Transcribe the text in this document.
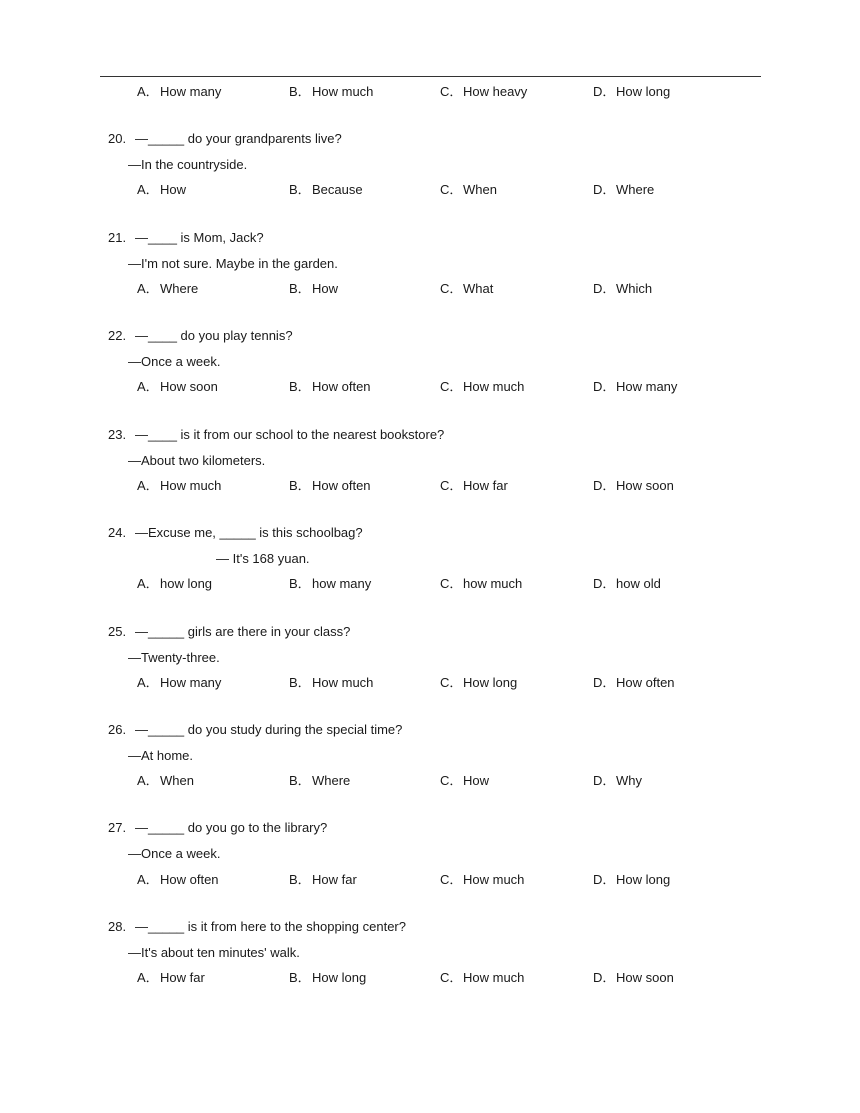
A．How many	B．How much	C．How heavy	D．How long
20. —_____ do your grandparents live?
—In the countryside.
A．How	B．Because	C．When	D．Where
21. —____ is Mom, Jack?
—I'm not sure. Maybe in the garden.
A．Where	B．How	C．What	D．Which
22. —____ do you play tennis?
—Once a week.
A．How soon	B．How often	C．How much	D．How many
23. —____ is it from our school to the nearest bookstore?
—About two kilometers.
A．How much	B．How often	C．How far	D．How soon
24. —Excuse me, _____ is this schoolbag?
— It's 168 yuan.
A．how long	B．how many	C．how much	D．how old
25. —_____ girls are there in your class?
—Twenty-three.
A．How many	B．How much	C．How long	D．How often
26. —_____ do you study during the special time?
—At home.
A．When	B．Where	C．How	D．Why
27. —_____ do you go to the library?
—Once a week.
A．How often	B．How far	C．How much	D．How long
28. —_____ is it from here to the shopping center?
—It's about ten minutes' walk.
A．How far	B．How long	C．How much	D．How soon
